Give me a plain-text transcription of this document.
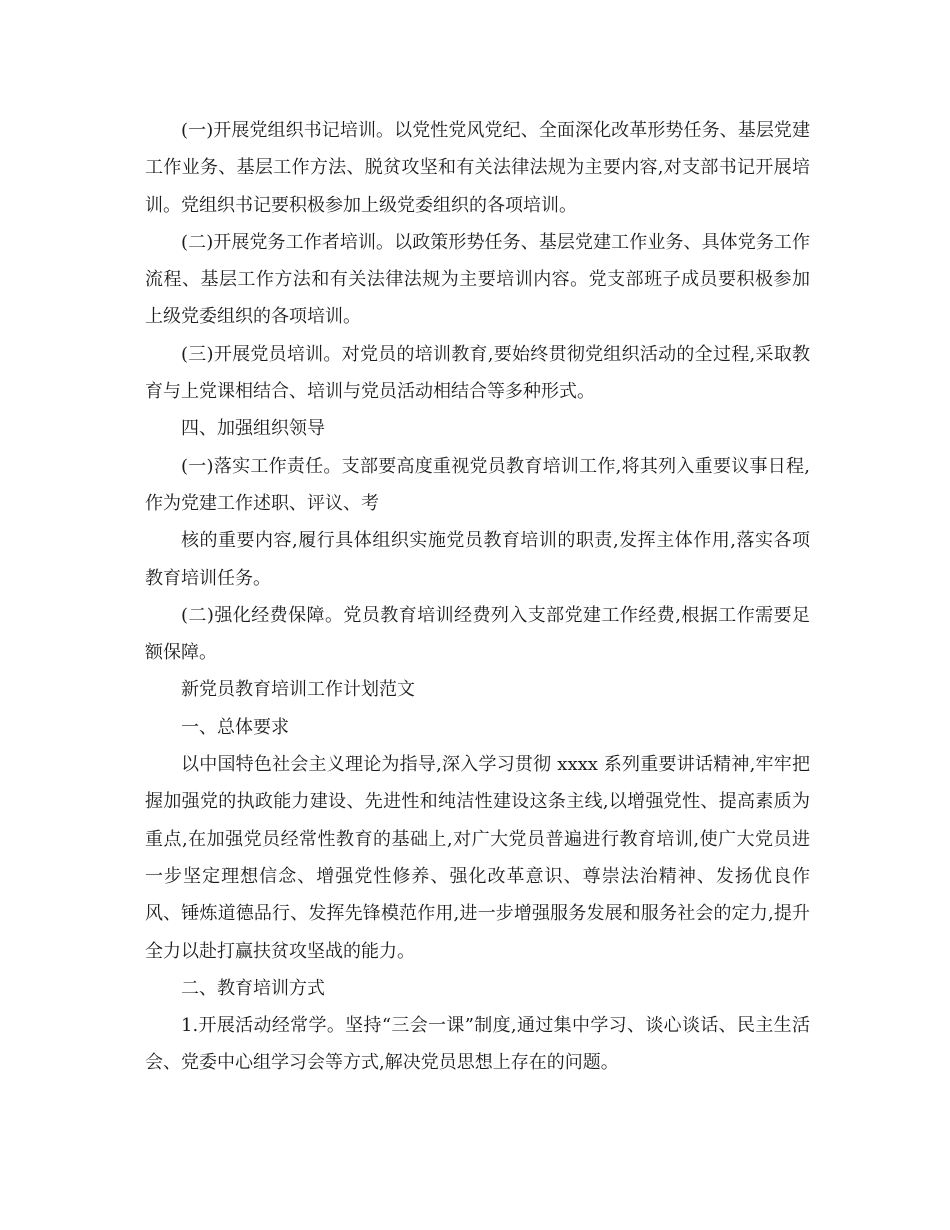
(一)开展党组织书记培训。以党性党风党纪、全面深化改革形势任务、基层党建工作业务、基层工作方法、脱贫攻坚和有关法律法规为主要内容,对支部书记开展培训。党组织书记要积极参加上级党委组织的各项培训。

(二)开展党务工作者培训。以政策形势任务、基层党建工作业务、具体党务工作流程、基层工作方法和有关法律法规为主要培训内容。党支部班子成员要积极参加上级党委组织的各项培训。

(三)开展党员培训。对党员的培训教育,要始终贯彻党组织活动的全过程,采取教育与上党课相结合、培训与党员活动相结合等多种形式。

四、加强组织领导

(一)落实工作责任。支部要高度重视党员教育培训工作,将其列入重要议事日程,作为党建工作述职、评议、考

核的重要内容,履行具体组织实施党员教育培训的职责,发挥主体作用,落实各项教育培训任务。

(二)强化经费保障。党员教育培训经费列入支部党建工作经费,根据工作需要足额保障。

新党员教育培训工作计划范文

一、总体要求

以中国特色社会主义理论为指导,深入学习贯彻 xxxx 系列重要讲话精神,牢牢把握加强党的执政能力建设、先进性和纯洁性建设这条主线,以增强党性、提高素质为重点,在加强党员经常性教育的基础上,对广大党员普遍进行教育培训,使广大党员进一步坚定理想信念、增强党性修养、强化改革意识、尊崇法治精神、发扬优良作风、锤炼道德品行、发挥先锋模范作用,进一步增强服务发展和服务社会的定力,提升全力以赴打赢扶贫攻坚战的能力。

二、教育培训方式

1.开展活动经常学。坚持“三会一课”制度,通过集中学习、谈心谈话、民主生活会、党委中心组学习会等方式,解决党员思想上存在的问题。
